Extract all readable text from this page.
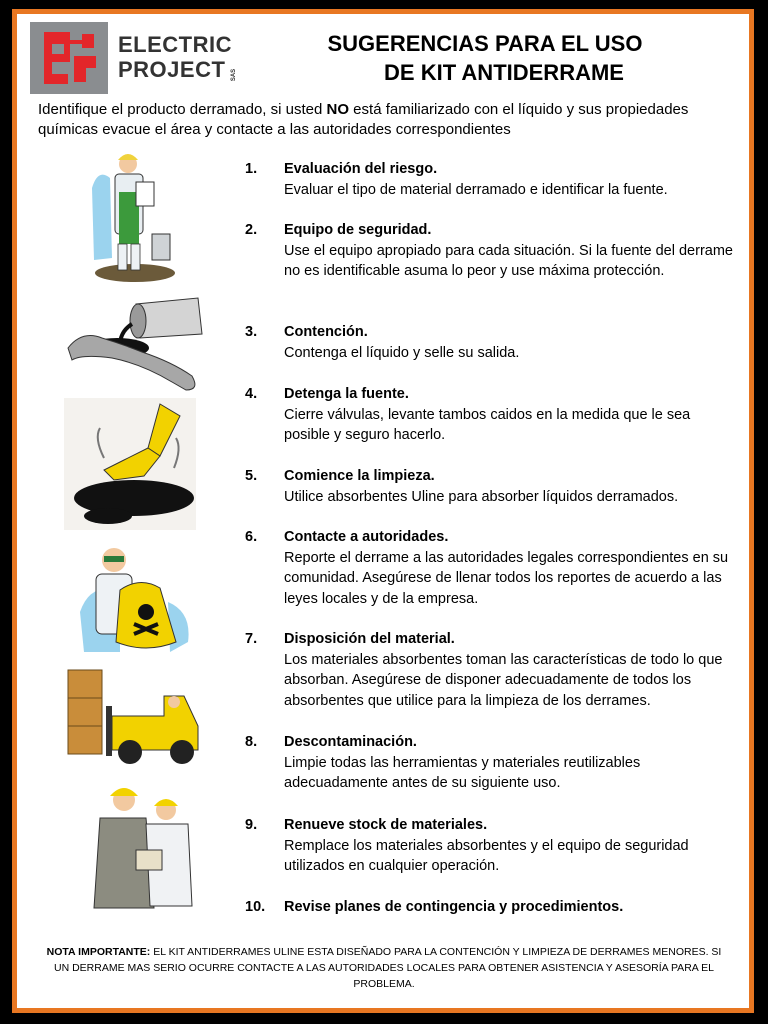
ELECTRIC
PROJECT SAS
SUGERENCIAS PARA EL USO
DE KIT ANTIDERRAME
Identifique el producto derramado, si usted NO está familiarizado con el líquido y sus propiedades químicas evacue el área y contacte a las autoridades correspondientes
1.	Evaluación del riesgo.
Evaluar el tipo de material derramado e identificar la fuente.
2.	Equipo de seguridad.
Use el equipo apropiado para cada situación. Si la fuente del derrame no es identificable asuma lo peor y use máxima protección.
3.	Contención.
Contenga el líquido y selle su salida.
4.	Detenga la fuente.
Cierre válvulas, levante tambos caidos en la medida que le sea posible y seguro hacerlo.
5.	Comience la limpieza.
Utilice absorbentes Uline para absorber líquidos derramados.
6.	Contacte a autoridades.
Reporte el derrame a las autoridades legales correspondientes en su comunidad. Asegúrese de llenar todos los reportes de acuerdo a las leyes locales y de la empresa.
7.	Disposición del material.
Los materiales absorbentes toman las características de todo lo que absorban. Asegúrese de disponer adecuadamente de todos los absorbentes que utilice para la limpieza de los derrames.
8.	Descontaminación.
Limpie todas las herramientas y materiales reutilizables adecuadamente antes de su siguiente uso.
9.	Renueve stock de materiales.
Remplace los materiales absorbentes y el equipo de seguridad utilizados en cualquier operación.
10.	Revise planes de contingencia y procedimientos.
NOTA IMPORTANTE: EL KIT ANTIDERRAMES ULINE ESTA DISEÑADO PARA LA CONTENCIÓN Y LIMPIEZA DE DERRAMES MENORES. SI UN DERRAME MAS SERIO OCURRE CONTACTE A LAS AUTORIDADES LOCALES PARA OBTENER ASISTENCIA Y ASESORÍA PARA EL PROBLEMA.
